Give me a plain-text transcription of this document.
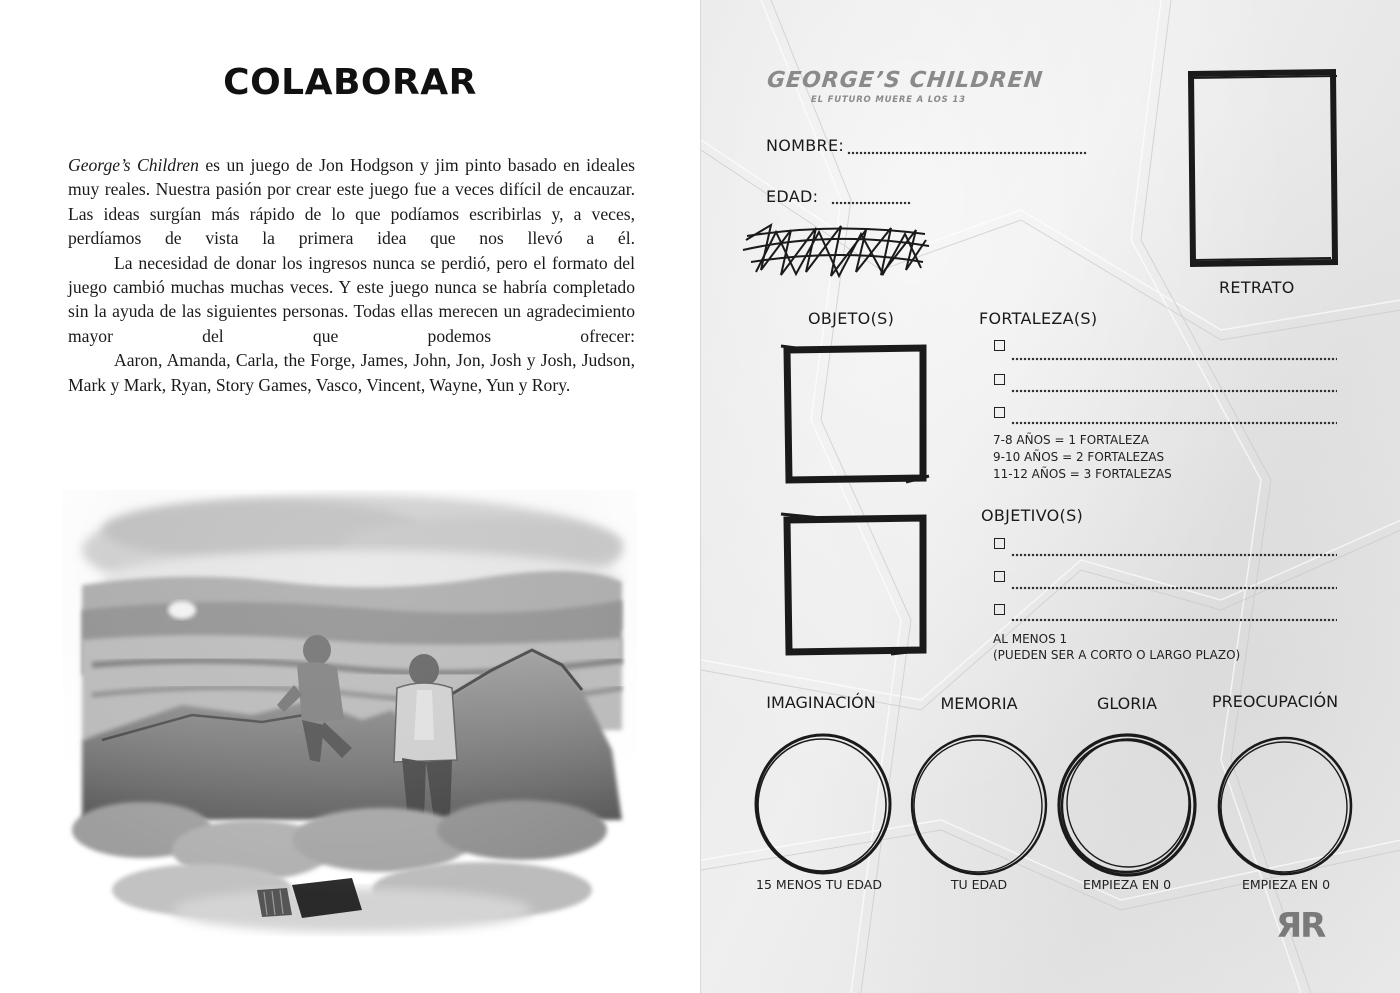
COLABORAR

George’s Children es un juego de Jon Hodgson y jim pinto basado en ideales muy reales. Nuestra pasión por crear este juego fue a veces difícil de encauzar. Las ideas surgían más rápido de lo que podíamos escribirlas y, a veces, perdíamos de vista la primera idea que nos llevó a él.

La necesidad de donar los ingresos nunca se perdió, pero el formato del juego cambió muchas muchas veces. Y este juego nunca se habría completado sin la ayuda de las siguientes personas. Todas ellas merecen un agradecimiento mayor del que podemos ofrecer:

Aaron, Amanda, Carla, the Forge, James, John, Jon, Josh y Josh, Judson, Mark y Mark, Ryan, Story Games, Vasco, Vincent, Wayne, Yun y Rory.

GEORGE’S CHILDREN
EL FUTURO MUERE A LOS 13
NOMBRE:
EDAD:
OBJETO(S)	FORTALEZA(S)
RETRATO
7-8 AÑOS = 1 FORTALEZA
9-10 AÑOS = 2 FORTALEZAS
11-12 AÑOS = 3 FORTALEZAS
OBJETIVO(S)
AL MENOS 1
(PUEDEN SER A CORTO O LARGO PLAZO)
IMAGINACIÓN	MEMORIA	GLORIA	PREOCUPACIÓN
15 MENOS TU EDAD	TU EDAD	EMPIEZA EN 0	EMPIEZA EN 0
ЯR
